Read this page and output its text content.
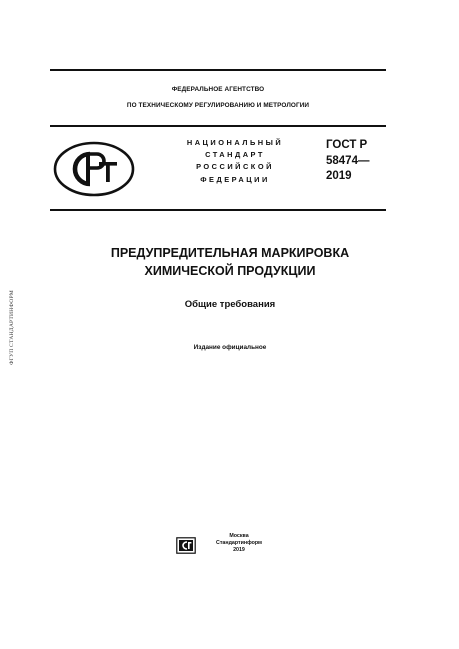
ФЕДЕРАЛЬНОЕ АГЕНТСТВО
ПО ТЕХНИЧЕСКОМУ РЕГУЛИРОВАНИЮ И МЕТРОЛОГИИ
НАЦИОНАЛЬНЫЙ
СТАНДАРТ
РОССИЙСКОЙ
ФЕДЕРАЦИИ
ГОСТ Р
58474—
2019
ПРЕДУПРЕДИТЕЛЬНАЯ МАРКИРОВКА
ХИМИЧЕСКОЙ ПРОДУКЦИИ
Общие требования
Издание официальное
ФГУП СТАНДАРТИНФОРМ
Москва
Стандартинформ
2019
